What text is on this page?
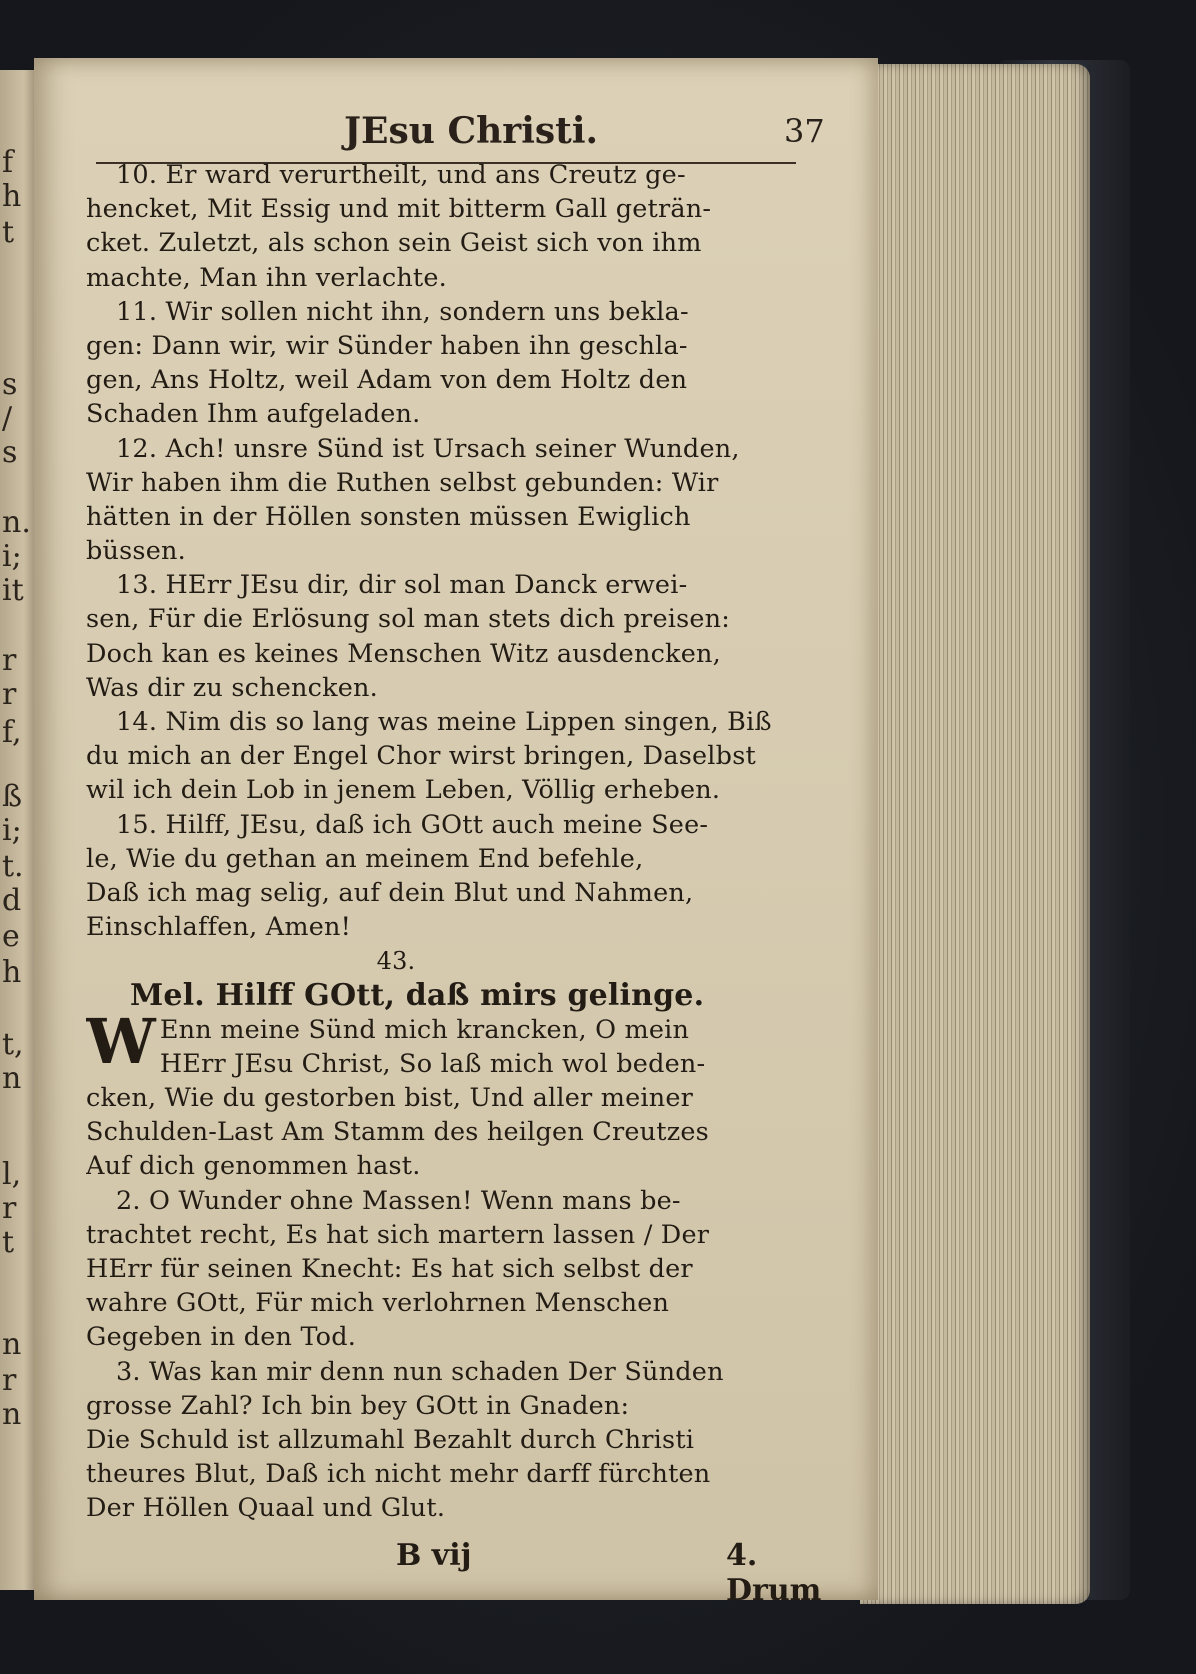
f
h
t
s
/
s
n.
i;
it
r
r
f,
ß
i;
t.
d
e
h
t,
n
l,
r
t
n
r
n
JEsu Christi.	37
10. Er ward verurtheilt, und ans Creutz ge-
hencket, Mit Essig und mit bitterm Gall geträn-
cket. Zuletzt, als schon sein Geist sich von ihm
machte, Man ihn verlachte.
11. Wir sollen nicht ihn, sondern uns bekla-
gen: Dann wir, wir Sünder haben ihn geschla-
gen, Ans Holtz, weil Adam von dem Holtz den
Schaden Ihm aufgeladen.
12. Ach! unsre Sünd ist Ursach seiner Wunden,
Wir haben ihm die Ruthen selbst gebunden: Wir
hätten in der Höllen sonsten müssen Ewiglich
büssen.
13. HErr JEsu dir, dir sol man Danck erwei-
sen, Für die Erlösung sol man stets dich preisen:
Doch kan es keines Menschen Witz ausdencken,
Was dir zu schencken.
14. Nim dis so lang was meine Lippen singen, Biß
du mich an der Engel Chor wirst bringen, Daselbst
wil ich dein Lob in jenem Leben, Völlig erheben.
15. Hilff, JEsu, daß ich GOtt auch meine See-
le, Wie du gethan an meinem End befehle,
Daß ich mag selig, auf dein Blut und Nahmen,
Einschlaffen, Amen!
43.
Mel. Hilff GOtt, daß mirs gelinge.
W Enn meine Sünd mich krancken, O mein
HErr JEsu Christ, So laß mich wol beden-
cken, Wie du gestorben bist, Und aller meiner
Schulden-Last Am Stamm des heilgen Creutzes
Auf dich genommen hast.
2. O Wunder ohne Massen! Wenn mans be-
trachtet recht, Es hat sich martern lassen / Der
HErr für seinen Knecht: Es hat sich selbst der
wahre GOtt, Für mich verlohrnen Menschen
Gegeben in den Tod.
3. Was kan mir denn nun schaden Der Sünden
grosse Zahl? Ich bin bey GOtt in Gnaden:
Die Schuld ist allzumahl Bezahlt durch Christi
theures Blut, Daß ich nicht mehr darff fürchten
Der Höllen Quaal und Glut.
B vij	4. Drum
